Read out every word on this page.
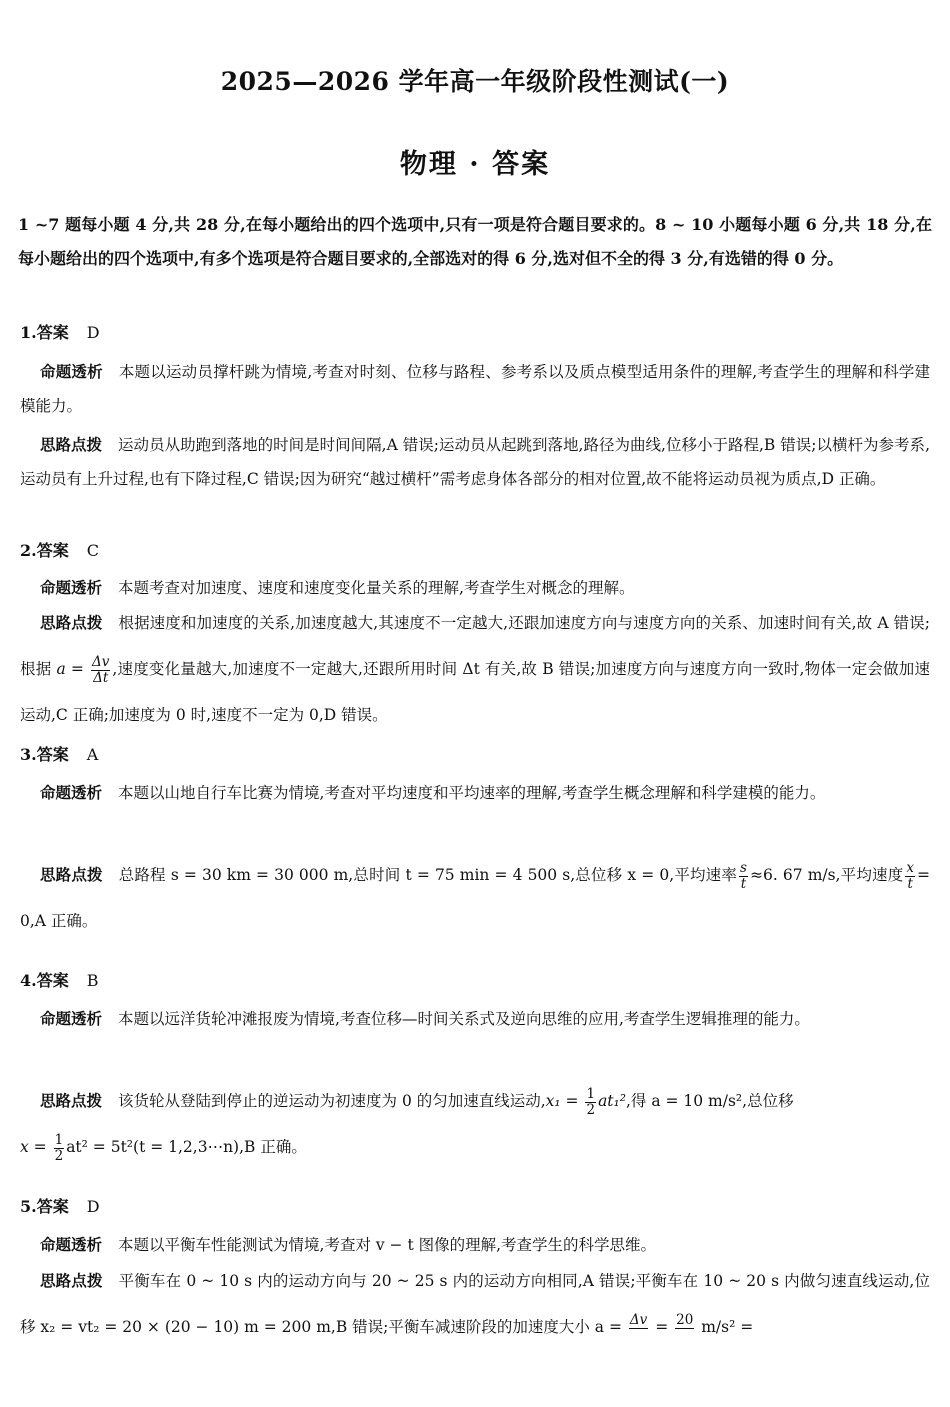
2025—2026 学年高一年级阶段性测试(一)
物理 · 答案
1 ~7 题每小题 4 分,共 28 分,在每小题给出的四个选项中,只有一项是符合题目要求的。8 ~ 10 小题每小题 6 分,共 18 分,在每小题给出的四个选项中,有多个选项是符合题目要求的,全部选对的得 6 分,选对但不全的得 3 分,有选错的得 0 分。
1.答案 D
命题透析 本题以运动员撑杆跳为情境,考查对时刻、位移与路程、参考系以及质点模型适用条件的理解,考查学生的理解和科学建模能力。
思路点拨 运动员从助跑到落地的时间是时间间隔,A 错误;运动员从起跳到落地,路径为曲线,位移小于路程,B 错误;以横杆为参考系,运动员有上升过程,也有下降过程,C 错误;因为研究“越过横杆”需考虑身体各部分的相对位置,故不能将运动员视为质点,D 正确。
2.答案 C
命题透析 本题考查对加速度、速度和速度变化量关系的理解,考查学生对概念的理解。
思路点拨 根据速度和加速度的关系,加速度越大,其速度不一定越大,还跟加速度方向与速度方向的关系、加速时间有关,故 A 错误;根据 $a = \frac{\Delta v}{\Delta t}$ ,速度变化量越大,加速度不一定越大,还跟所用时间 Δt 有关,故 B 错误;加速度方向与速度方向一致时,物体一定会做加速运动,C 正确;加速度为 0 时,速度不一定为 0,D 错误。
3.答案 A
命题透析 本题以山地自行车比赛为情境,考查对平均速度和平均速率的理解,考查学生概念理解和科学建模的能力。
思路点拨 总路程 s = 30 km = 30 000 m,总时间 t = 75 min = 4 500 s,总位移 x = 0,平均速率 $\frac{s}{t} \approx 6$. 67 m/s,平均速度 $\frac{x}{t} = 0,A$ 正确。
4.答案 B
命题透析 本题以远洋货轮冲滩报废为情境,考查位移—时间关系式及逆向思维的应用,考查学生逻辑推理的能力。
思路点拨 该货轮从登陆到停止的逆运动为初速度为 0 的匀加速直线运动$,x_1 = \frac{1}{2} at_1^2$,得 a = 10 m/s²,总位移
$x = \frac{1}{2} at^2 = 5t^2(t$ = 1,2,3⋯n),B 正确。
5.答案 D
命题透析 本题以平衡车性能测试为情境,考查对 v − t 图像的理解,考查学生的科学思维。
思路点拨 平衡车在 0 ~ 10 s 内的运动方向与 20 ~ 25 s 内的运动方向相同,A 错误;平衡车在 10 ~ 20 s 内做匀速直线运动,位移 x₂ = vt₂ = 20 × (20 − 10) m = 200 m,B 错误;平衡车减速阶段的加速度大小 a = Δv
= 20
m/s² =
